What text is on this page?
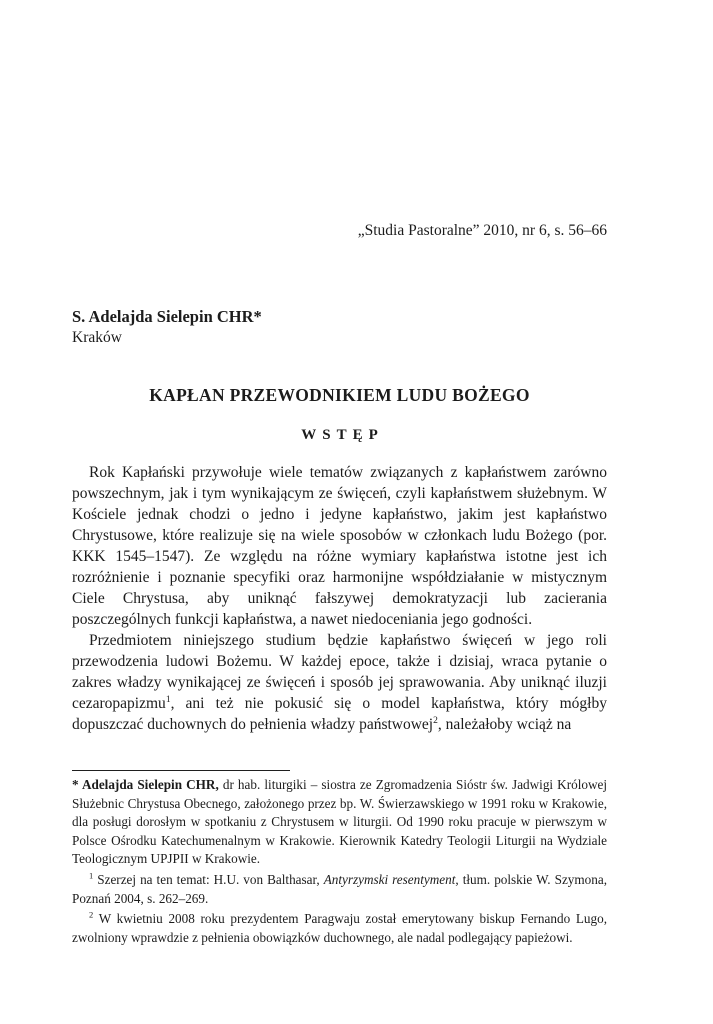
„Studia Pastoralne” 2010, nr 6, s. 56–66
S. Adelajda Sielepin CHR*
Kraków
KAPŁAN PRZEWODNIKIEM LUDU BOŻEGO
WSTĘP

Rok Kapłański przywołuje wiele tematów związanych z kapłaństwem zarówno powszechnym, jak i tym wynikającym ze święceń, czyli kapłaństwem służebnym. W Kościele jednak chodzi o jedno i jedyne kapłaństwo, jakim jest kapłaństwo Chrystusowe, które realizuje się na wiele sposobów w członkach ludu Bożego (por. KKK 1545–1547). Ze względu na różne wymiary kapłaństwa istotne jest ich rozróżnienie i poznanie specyfiki oraz harmonijne współdziałanie w mistycznym Ciele Chrystusa, aby uniknąć fałszywej demokratyzacji lub zacierania poszczególnych funkcji kapłaństwa, a nawet niedoceniania jego godności.

Przedmiotem niniejszego studium będzie kapłaństwo święceń w jego roli przewodzenia ludowi Bożemu. W każdej epoce, także i dzisiaj, wraca pytanie o zakres władzy wynikającej ze święceń i sposób jej sprawowania. Aby uniknąć iluzji cezaropapizmu$^1$, ani też nie pokusić się o model kapłaństwa, który mógłby dopuszczać duchownych do pełnienia władzy państwowej$^2$, należałoby wciąż na

* Adelajda Sielepin CHR, dr hab. liturgiki – siostra ze Zgromadzenia Sióstr św. Jadwigi Królowej Służebnic Chrystusa Obecnego, założonego przez bp. W. Świerzawskiego w 1991 roku w Krakowie, dla posługi dorosłym w spotkaniu z Chrystusem w liturgii. Od 1990 roku pracuje w pierwszym w Polsce Ośrodku Katechumenalnym w Krakowie. Kierownik Katedry Teologii Liturgii na Wydziale Teologicznym UPJPII w Krakowie.

$^1$ Szerzej na ten temat: H.U. von Balthasar, Antyrzymski resentyment, tłum. polskie W. Szymona, Poznań 2004, s. 262–269.

$^2$ W kwietniu 2008 roku prezydentem Paragwaju został emerytowany biskup Fernando Lugo, zwolniony wprawdzie z pełnienia obowiązków duchownego, ale nadal podlegający papieżowi.
